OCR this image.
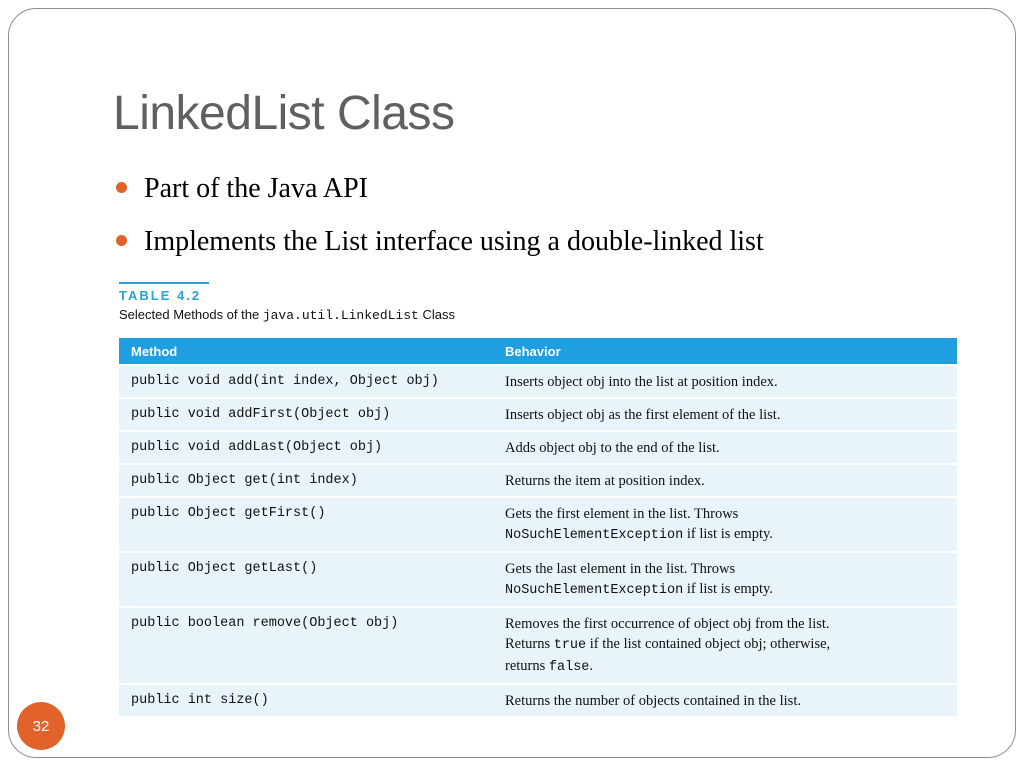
LinkedList Class
Part of the Java API
Implements the List interface using a double-linked list
TABLE 4.2
Selected Methods of the java.util.LinkedList Class
Method	Behavior
public void add(int index, Object obj)	Inserts object obj into the list at position index.
public void addFirst(Object obj)	Inserts object obj as the first element of the list.
public void addLast(Object obj)	Adds object obj to the end of the list.
public Object get(int index)	Returns the item at position index.
public Object getFirst()	Gets the first element in the list. Throws
NoSuchElementException if list is empty.
public Object getLast()	Gets the last element in the list. Throws
NoSuchElementException if list is empty.
public boolean remove(Object obj)	Removes the first occurrence of object obj from the list.
Returns true if the list contained object obj; otherwise,
returns false.
public int size()	Returns the number of objects contained in the list.
32
